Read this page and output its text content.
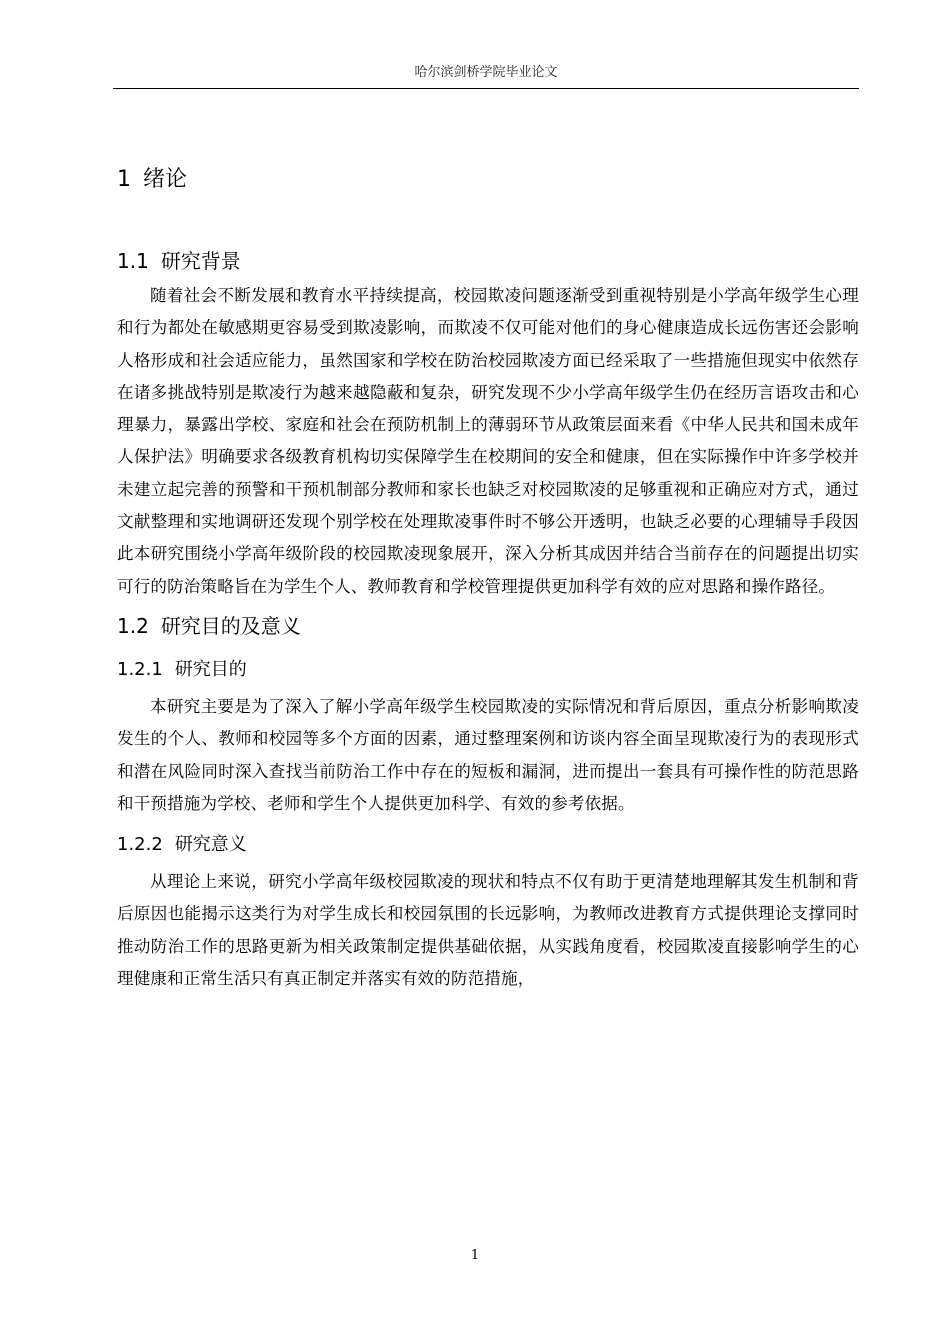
哈尔滨剑桥学院毕业论文
1 绪论
1.1 研究背景

随着社会不断发展和教育水平持续提高，校园欺凌问题逐渐受到重视特别是小学高年级学生心理和行为都处在敏感期更容易受到欺凌影响，而欺凌不仅可能对他们的身心健康造成长远伤害还会影响人格形成和社会适应能力，虽然国家和学校在防治校园欺凌方面已经采取了一些措施但现实中依然存在诸多挑战特别是欺凌行为越来越隐蔽和复杂，研究发现不少小学高年级学生仍在经历言语攻击和心理暴力，暴露出学校、家庭和社会在预防机制上的薄弱环节从政策层面来看《中华人民共和国未成年人保护法》明确要求各级教育机构切实保障学生在校期间的安全和健康，但在实际操作中许多学校并未建立起完善的预警和干预机制部分教师和家长也缺乏对校园欺凌的足够重视和正确应对方式，通过文献整理和实地调研还发现个别学校在处理欺凌事件时不够公开透明，也缺乏必要的心理辅导手段因此本研究围绕小学高年级阶段的校园欺凌现象展开，深入分析其成因并结合当前存在的问题提出切实可行的防治策略旨在为学生个人、教师教育和学校管理提供更加科学有效的应对思路和操作路径。

1.2 研究目的及意义
1.2.1 研究目的

本研究主要是为了深入了解小学高年级学生校园欺凌的实际情况和背后原因，重点分析影响欺凌发生的个人、教师和校园等多个方面的因素，通过整理案例和访谈内容全面呈现欺凌行为的表现形式和潜在风险同时深入查找当前防治工作中存在的短板和漏洞，进而提出一套具有可操作性的防范思路和干预措施为学校、老师和学生个人提供更加科学、有效的参考依据。

1.2.2 研究意义

从理论上来说，研究小学高年级校园欺凌的现状和特点不仅有助于更清楚地理解其发生机制和背后原因也能揭示这类行为对学生成长和校园氛围的长远影响，为教师改进教育方式提供理论支撑同时推动防治工作的思路更新为相关政策制定提供基础依据，从实践角度看，校园欺凌直接影响学生的心理健康和正常生活只有真正制定并落实有效的防范措施，

1
